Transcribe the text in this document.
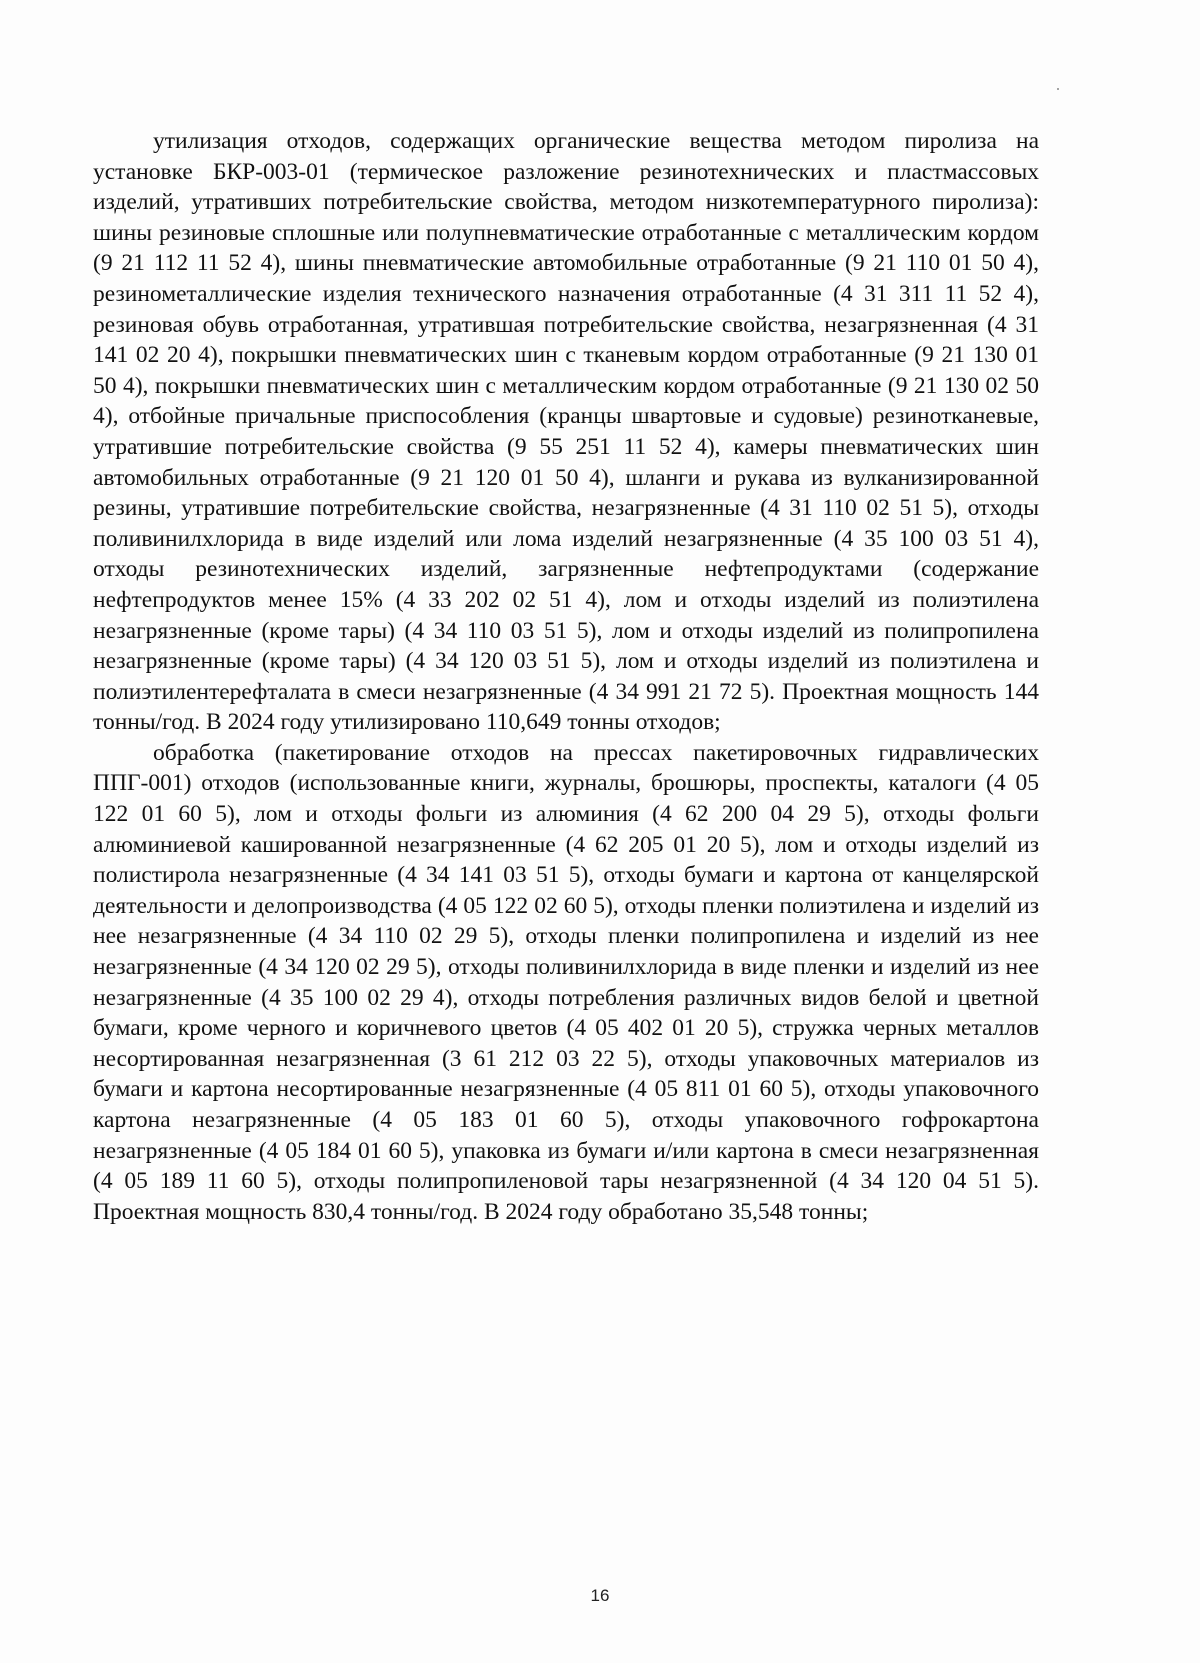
утилизация отходов, содержащих органические вещества методом пиролиза на установке БКР-003-01 (термическое разложение резинотехнических и пластмассовых изделий, утративших потребительские свойства, методом низкотемпературного пиролиза): шины резиновые сплошные или полупневматические отработанные с металлическим кордом (9 21 112 11 52 4), шины пневматические автомобильные отработанные (9 21 110 01 50 4), резинометаллические изделия технического назначения отработанные (4 31 311 11 52 4), резиновая обувь отработанная, утратившая потребительские свойства, незагрязненная (4 31 141 02 20 4), покрышки пневматических шин с тканевым кордом отработанные (9 21 130 01 50 4), покрышки пневматических шин с металлическим кордом отработанные (9 21 130 02 50 4), отбойные причальные приспособления (кранцы швартовые и судовые) резинотканевые, утратившие потребительские свойства (9 55 251 11 52 4), камеры пневматических шин автомобильных отработанные (9 21 120 01 50 4), шланги и рукава из вулканизированной резины, утратившие потребительские свойства, незагрязненные (4 31 110 02 51 5), отходы поливинилхлорида в виде изделий или лома изделий незагрязненные (4 35 100 03 51 4), отходы резинотехнических изделий, загрязненные нефтепродуктами (содержание нефтепродуктов менее 15% (4 33 202 02 51 4), лом и отходы изделий из полиэтилена незагрязненные (кроме тары) (4 34 110 03 51 5), лом и отходы изделий из полипропилена незагрязненные (кроме тары) (4 34 120 03 51 5), лом и отходы изделий из полиэтилена и полиэтилентерефталата в смеси незагрязненные (4 34 991 21 72 5). Проектная мощность 144 тонны/год. В 2024 году утилизировано 110,649 тонны отходов;

обработка (пакетирование отходов на прессах пакетировочных гидравлических ППГ-001) отходов (использованные книги, журналы, брошюры, проспекты, каталоги (4 05 122 01 60 5), лом и отходы фольги из алюминия (4 62 200 04 29 5), отходы фольги алюминиевой кашированной незагрязненные (4 62 205 01 20 5), лом и отходы изделий из полистирола незагрязненные (4 34 141 03 51 5), отходы бумаги и картона от канцелярской деятельности и делопроизводства (4 05 122 02 60 5), отходы пленки полиэтилена и изделий из нее незагрязненные (4 34 110 02 29 5), отходы пленки полипропилена и изделий из нее незагрязненные (4 34 120 02 29 5), отходы поливинилхлорида в виде пленки и изделий из нее незагрязненные (4 35 100 02 29 4), отходы потребления различных видов белой и цветной бумаги, кроме черного и коричневого цветов (4 05 402 01 20 5), стружка черных металлов несортированная незагрязненная (3 61 212 03 22 5), отходы упаковочных материалов из бумаги и картона несортированные незагрязненные (4 05 811 01 60 5), отходы упаковочного картона незагрязненные (4 05 183 01 60 5), отходы упаковочного гофрокартона незагрязненные (4 05 184 01 60 5), упаковка из бумаги и/или картона в смеси незагрязненная (4 05 189 11 60 5), отходы полипропиленовой тары незагрязненной (4 34 120 04 51 5). Проектная мощность 830,4 тонны/год. В 2024 году обработано 35,548 тонны;

16
